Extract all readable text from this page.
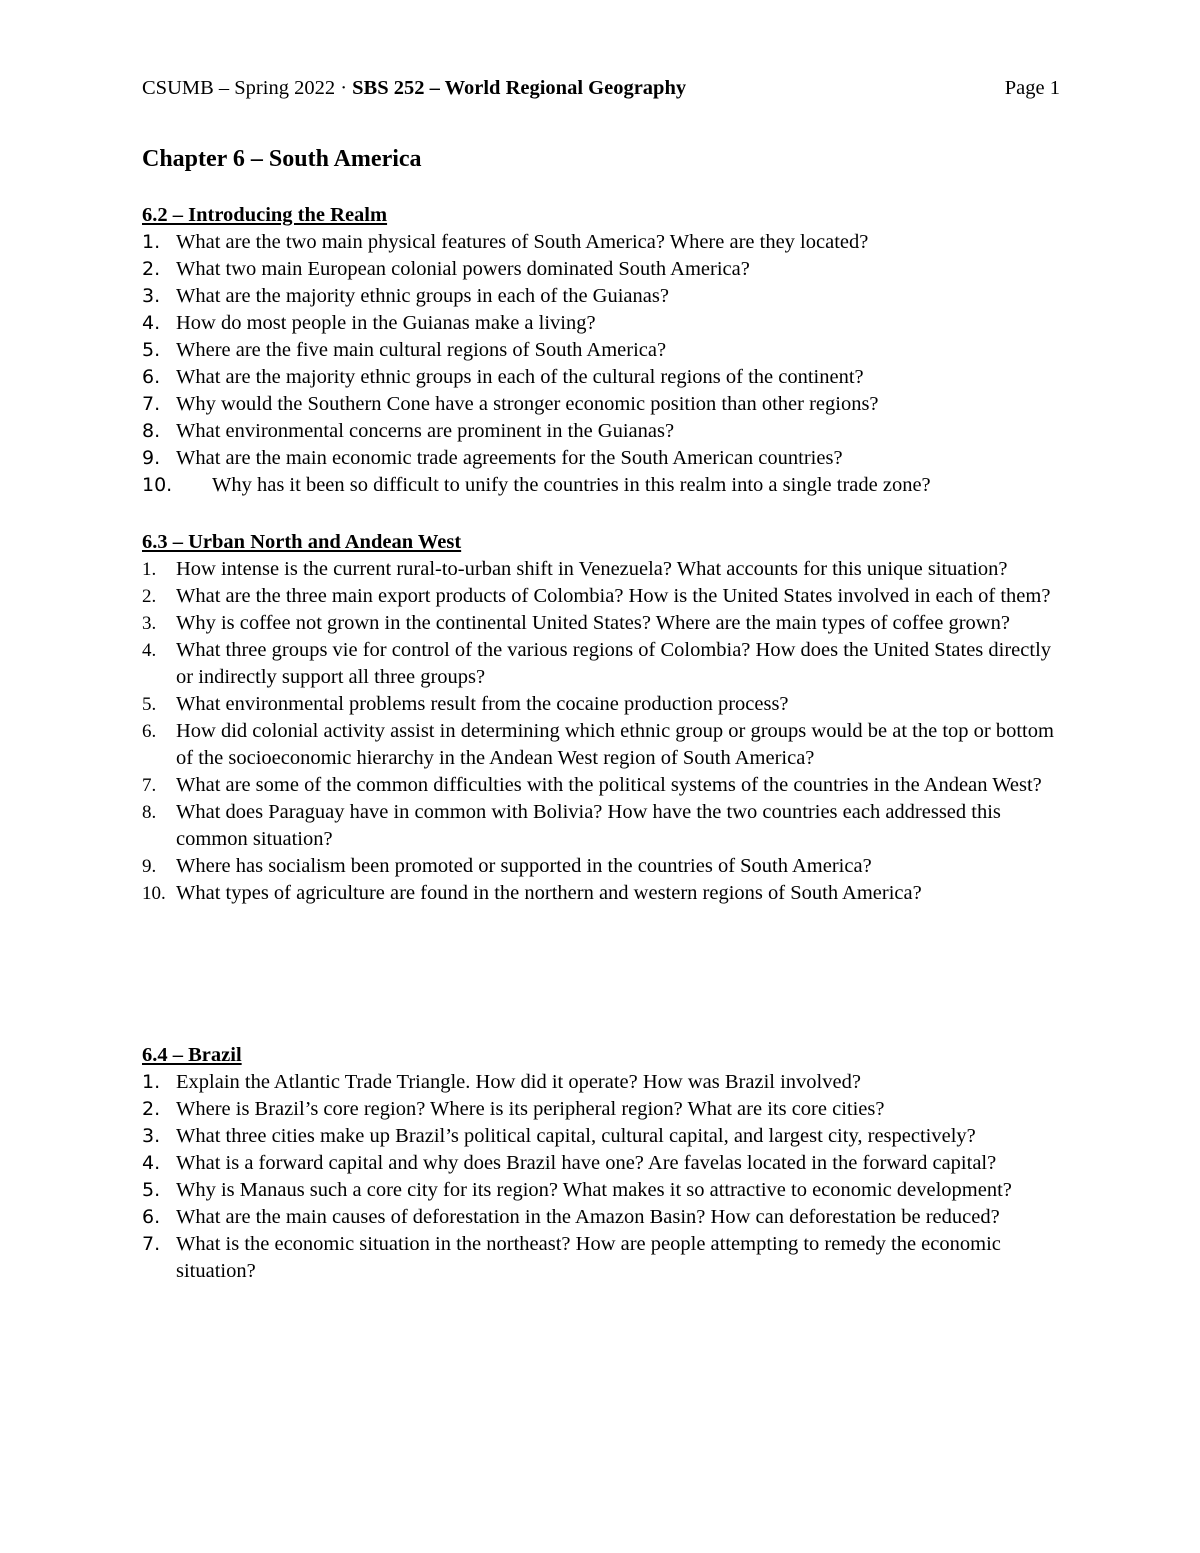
CSUMB – Spring 2022 · SBS 252 – World Regional Geography	Page 1
Chapter 6 – South America
6.2 – Introducing the Realm
1. What are the two main physical features of South America? Where are they located?
2. What two main European colonial powers dominated South America?
3. What are the majority ethnic groups in each of the Guianas?
4. How do most people in the Guianas make a living?
5. Where are the five main cultural regions of South America?
6. What are the majority ethnic groups in each of the cultural regions of the continent?
7. Why would the Southern Cone have a stronger economic position than other regions?
8. What environmental concerns are prominent in the Guianas?
9. What are the main economic trade agreements for the South American countries?
10. Why has it been so difficult to unify the countries in this realm into a single trade zone?
6.3 – Urban North and Andean West
1. How intense is the current rural-to-urban shift in Venezuela? What accounts for this unique situation?
2. What are the three main export products of Colombia? How is the United States involved in each of them?
3. Why is coffee not grown in the continental United States? Where are the main types of coffee grown?
4. What three groups vie for control of the various regions of Colombia? How does the United States directly or indirectly support all three groups?
5. What environmental problems result from the cocaine production process?
6. How did colonial activity assist in determining which ethnic group or groups would be at the top or bottom of the socioeconomic hierarchy in the Andean West region of South America?
7. What are some of the common difficulties with the political systems of the countries in the Andean West?
8. What does Paraguay have in common with Bolivia? How have the two countries each addressed this common situation?
9. Where has socialism been promoted or supported in the countries of South America?
10. What types of agriculture are found in the northern and western regions of South America?
6.4 – Brazil
1. Explain the Atlantic Trade Triangle. How did it operate? How was Brazil involved?
2. Where is Brazil’s core region? Where is its peripheral region? What are its core cities?
3. What three cities make up Brazil’s political capital, cultural capital, and largest city, respectively?
4. What is a forward capital and why does Brazil have one? Are favelas located in the forward capital?
5. Why is Manaus such a core city for its region? What makes it so attractive to economic development?
6. What are the main causes of deforestation in the Amazon Basin? How can deforestation be reduced?
7. What is the economic situation in the northeast? How are people attempting to remedy the economic situation?
